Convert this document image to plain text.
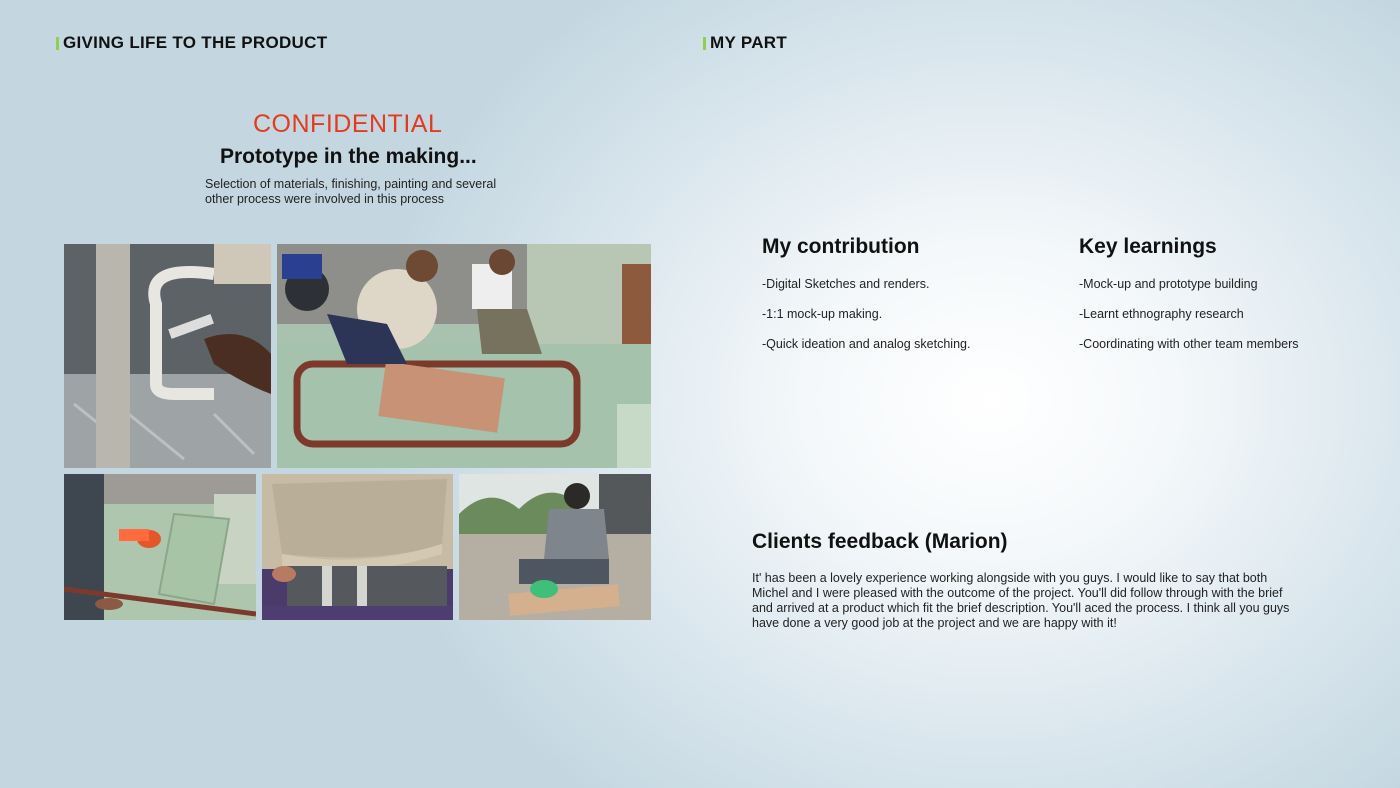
GIVING LIFE TO THE PRODUCT	MY PART
CONFIDENTIAL
Prototype in the making...
Selection of materials, finishing, painting and several other process were involved in this process
My contribution
-Digital Sketches and renders.
-1:1 mock-up making.
-Quick ideation and analog sketching.
Key learnings
-Mock-up and prototype building
-Learnt ethnography research
-Coordinating with other team members
Clients feedback (Marion)
It' has been a lovely experience working alongside with you guys. I would like to say that both Michel and I were pleased with the outcome of the project. You'll did follow through with the brief and arrived at a product which fit the brief description. You'll aced the process. I think all you guys have done a very good job at the project and we are happy with it!
